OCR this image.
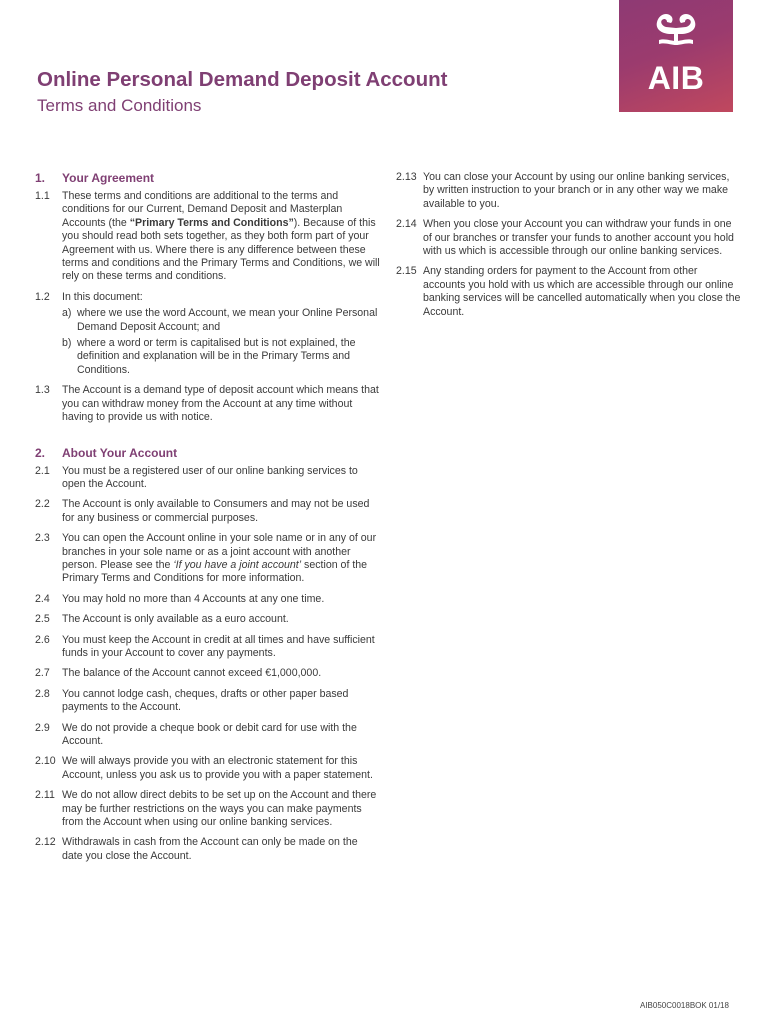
AIB
Online Personal Demand Deposit Account
Terms and Conditions
1.	Your Agreement
1.1	These terms and conditions are additional to the terms and conditions for our Current, Demand Deposit and Masterplan Accounts (the “Primary Terms and Conditions”). Because of this you should read both sets together, as they both form part of your Agreement with us. Where there is any difference between these terms and conditions and the Primary Terms and Conditions, we will rely on these terms and conditions.
1.2	In this document:
a) where we use the word Account, we mean your Online Personal Demand Deposit Account; and
b) where a word or term is capitalised but is not explained, the definition and explanation will be in the Primary Terms and Conditions.
1.3	The Account is a demand type of deposit account which means that you can withdraw money from the Account at any time without having to provide us with notice.
2.	About Your Account
2.1	You must be a registered user of our online banking services to open the Account.
2.2	The Account is only available to Consumers and may not be used for any business or commercial purposes.
2.3	You can open the Account online in your sole name or in any of our branches in your sole name or as a joint account with another person. Please see the ‘If you have a joint account’ section of the Primary Terms and Conditions for more information.
2.4	You may hold no more than 4 Accounts at any one time.
2.5	The Account is only available as a euro account.
2.6	You must keep the Account in credit at all times and have sufficient funds in your Account to cover any payments.
2.7	The balance of the Account cannot exceed €1,000,000.
2.8	You cannot lodge cash, cheques, drafts or other paper based payments to the Account.
2.9	We do not provide a cheque book or debit card for use with the Account.
2.10 We will always provide you with an electronic statement for this Account, unless you ask us to provide you with a paper statement.
2.11 We do not allow direct debits to be set up on the Account and there may be further restrictions on the ways you can make payments from the Account when using our online banking services.
2.12 Withdrawals in cash from the Account can only be made on the date you close the Account.
2.13 You can close your Account by using our online banking services, by written instruction to your branch or in any other way we make available to you.
2.14 When you close your Account you can withdraw your funds in one of our branches or transfer your funds to another account you hold with us which is accessible through our online banking services.
2.15 Any standing orders for payment to the Account from other accounts you hold with us which are accessible through our online banking services will be cancelled automatically when you close the Account.
AIB050C0018BOK 01/18
